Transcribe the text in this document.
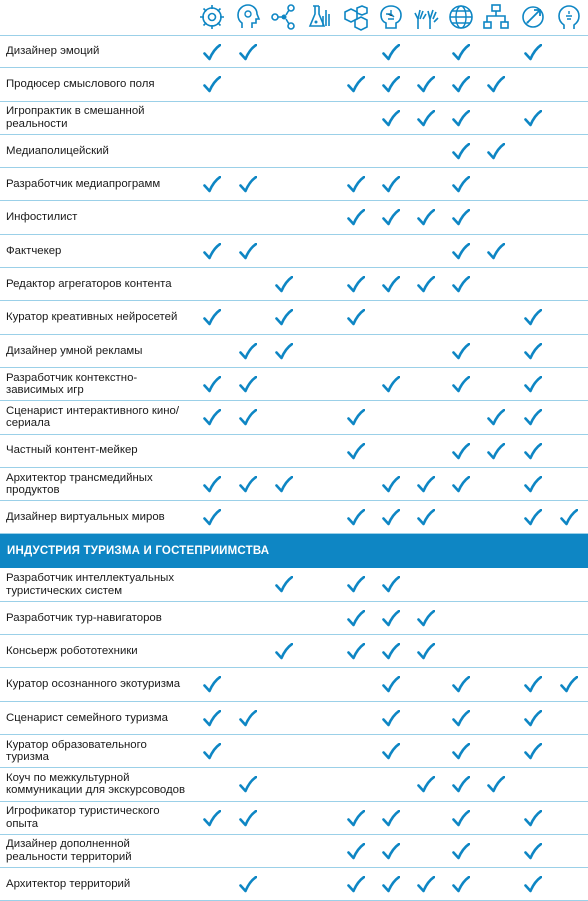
Дизайнер эмоций
Продюсер смыслового поля
Игропрактик в смешанной реальности
Медиаполицейский
Разработчик медиапрограмм
Инфостилист
Фактчекер
Редактор агрегаторов контента
Куратор креативных нейросетей
Дизайнер умной рекламы
Разработчик контекстно-зависимых игр
Сценарист интерактивного кино/ сериала
Частный контент-мейкер
Архитектор трансмедийных продуктов
Дизайнер виртуальных миров
ИНДУСТРИЯ ТУРИЗМА И ГОСТЕПРИИМСТВА
Разработчик интеллектуальных туристических систем
Разработчик тур-навигаторов
Консьерж робототехники
Куратор осознанного экотуризма
Сценарист семейного туризма
Куратор образовательного туризма
Коуч по межкультурной коммуникации для экскурсоводов
Игрофикатор туристического опыта
Дизайнер дополненной реальности территорий
Архитектор территорий
